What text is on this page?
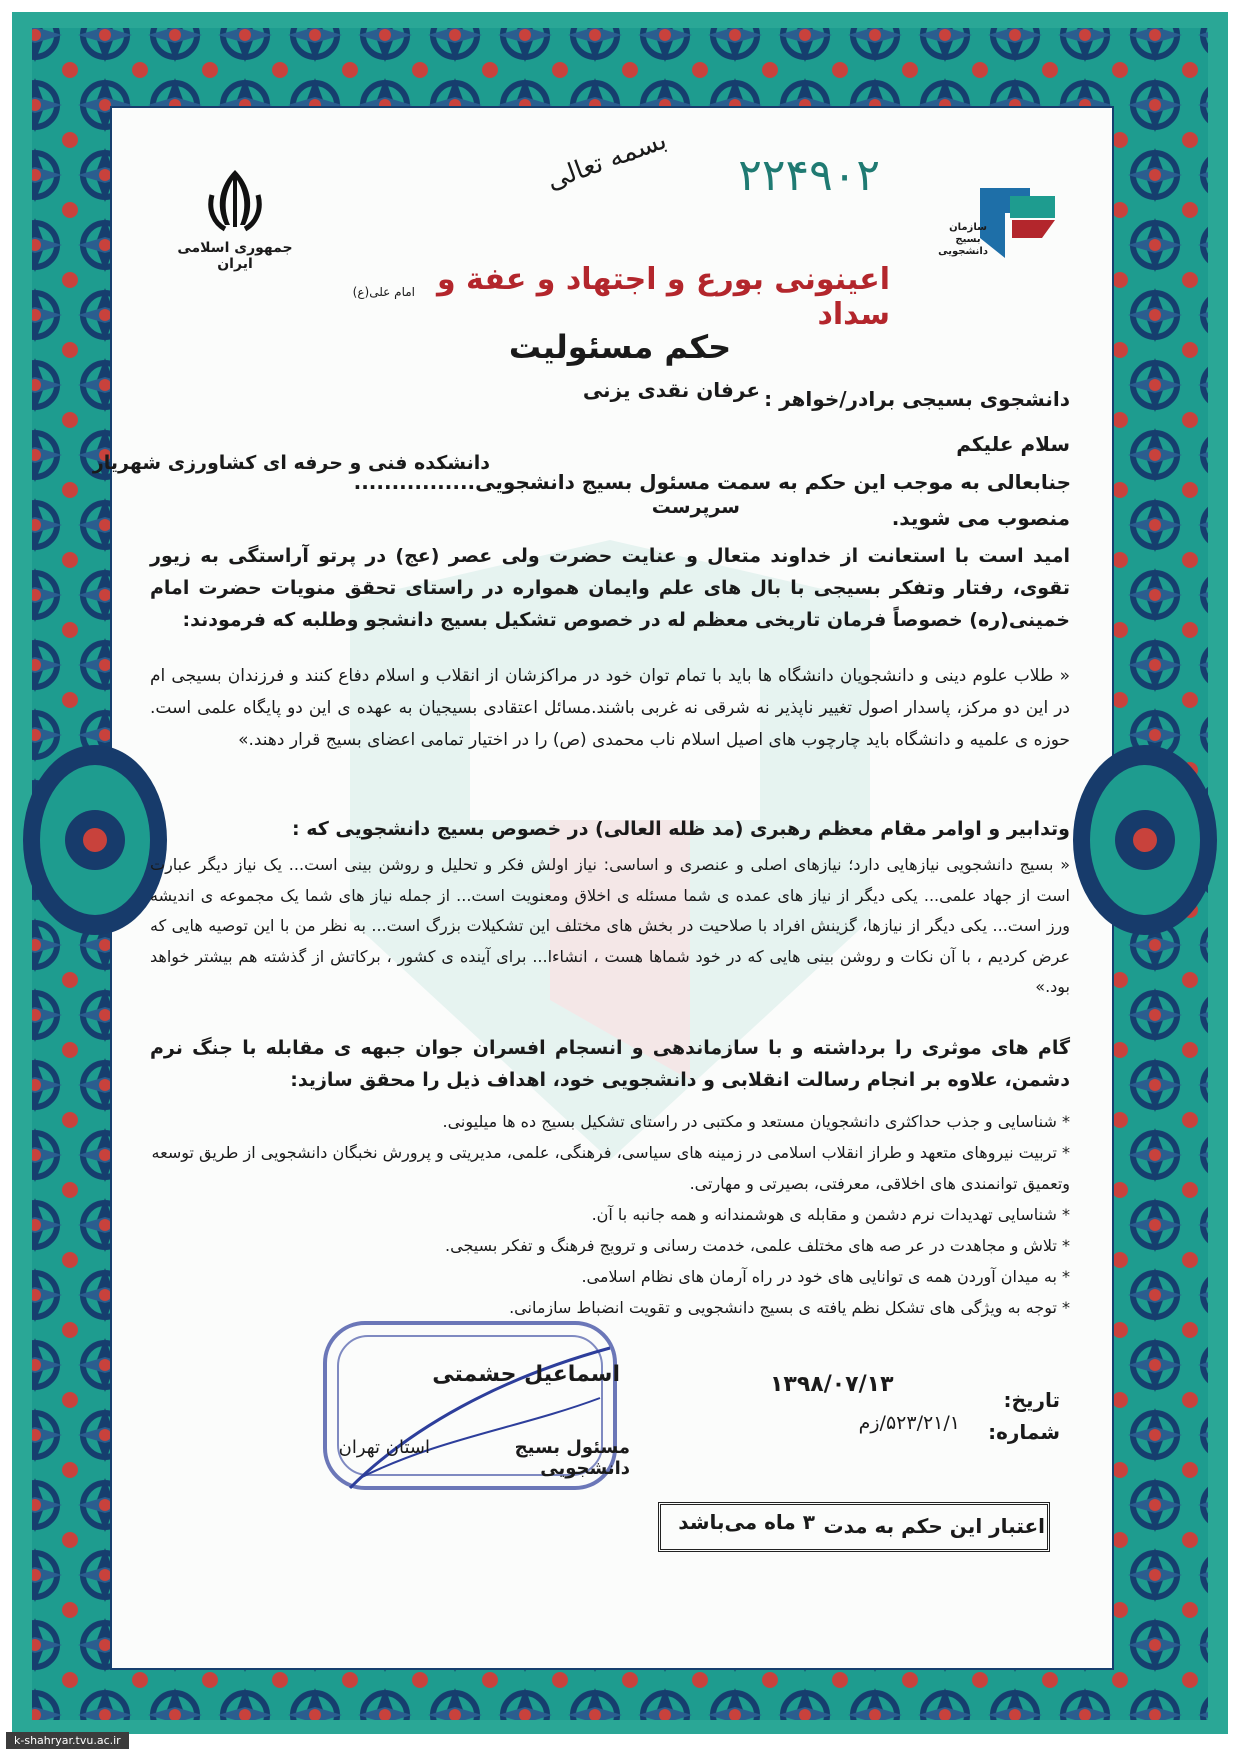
۲۲۴۹۰۲
بسمه تعالی
جمهوری اسلامی ایران
سازمان
بسیج
دانشجویی
اعینونی بورع و اجتهاد و عفة و سداد
امام علی(ع)
حکم مسئولیت
دانشجوی بسیجی برادر/خواهر :
عرفان نقدی یزنی
سلام علیکم
جنابعالی به موجب این حکم به سمت مسئول بسیج دانشجویی................
دانشکده فنی و حرفه ای کشاورزی شهریار
سرپرست	منصوب می شوید.
امید است با استعانت از خداوند متعال و عنایت حضرت ولی عصر (عج) در پرتو آراستگی به زیور تقوی، رفتار وتفکر بسیجی با بال های علم وایمان همواره در راستای تحقق منویات حضرت امام خمینی(ره) خصوصاً فرمان تاریخی معظم له در خصوص تشکیل بسیج دانشجو وطلبه که فرمودند:
« طلاب علوم دینی و دانشجویان دانشگاه ها باید با تمام توان خود در مراکزشان از انقلاب و اسلام دفاع کنند و فرزندان بسیجی ام در این دو مرکز، پاسدار اصول تغییر ناپذیر نه شرقی نه غربی باشند.مسائل اعتقادی بسیجیان به عهده ی این دو پایگاه علمی است. حوزه ی علمیه و دانشگاه باید چارچوب های اصیل اسلام ناب محمدی (ص) را در اختیار تمامی اعضای بسیج قرار دهند.»
وتدابیر و اوامر مقام معظم رهبری (مد ظله العالی) در خصوص بسیج دانشجویی که :
« بسیج دانشجویی نیازهایی دارد؛ نیازهای اصلی و عنصری و اساسی: نیاز اولش فکر و تحلیل و روشن بینی است... یک نیاز دیگر عبارت است از جهاد علمی... یکی دیگر از نیاز های عمده ی شما مسئله ی اخلاق ومعنویت است... از جمله نیاز های شما یک مجموعه ی اندیشه ورز است... یکی دیگر از نیازها، گزینش افراد با صلاحیت در بخش های مختلف این تشکیلات بزرگ است... به نظر من با این توصیه هایی که عرض کردیم ، با آن نکات و روشن بینی هایی که در خود شماها هست ، انشاءا... برای آینده ی کشور ، برکاتش از گذشته هم بیشتر خواهد بود.»
گام های موثری را برداشته و با سازماندهی و انسجام افسران جوان جبهه ی مقابله با جنگ نرم دشمن، علاوه بر انجام رسالت انقلابی و دانشجویی خود، اهداف ذیل را محقق سازید:
* شناسایی و جذب حداکثری دانشجویان مستعد و مکتبی در راستای تشکیل بسیج ده ها میلیونی.
* تربیت نیروهای متعهد و طراز انقلاب اسلامی در زمینه های سیاسی، فرهنگی، علمی، مدیریتی و پرورش نخبگان دانشجویی از طریق توسعه وتعمیق توانمندی های اخلاقی، معرفتی، بصیرتی و مهارتی.
* شناسایی تهدیدات نرم دشمن و مقابله ی هوشمندانه و همه جانبه با آن.
* تلاش و مجاهدت در عر صه های مختلف علمی، خدمت رسانی و ترویج فرهنگ و تفکر بسیجی.
* به میدان آوردن همه ی توانایی های خود در راه آرمان های نظام اسلامی.
* توجه به ویژگی های تشکل نظم یافته ی بسیج دانشجویی و تقویت انضباط سازمانی.
اسماعیل حشمتی
مسئول بسیج دانشجویی
استان تهران
تاریخ:
۱۳۹۸/۰۷/۱۳
شماره:
۵۲۳/۲۱/۱/ز‌م
اعتبار این حکم به مدت
۳ ماه می‌باشد
k-shahryar.tvu.ac.ir
